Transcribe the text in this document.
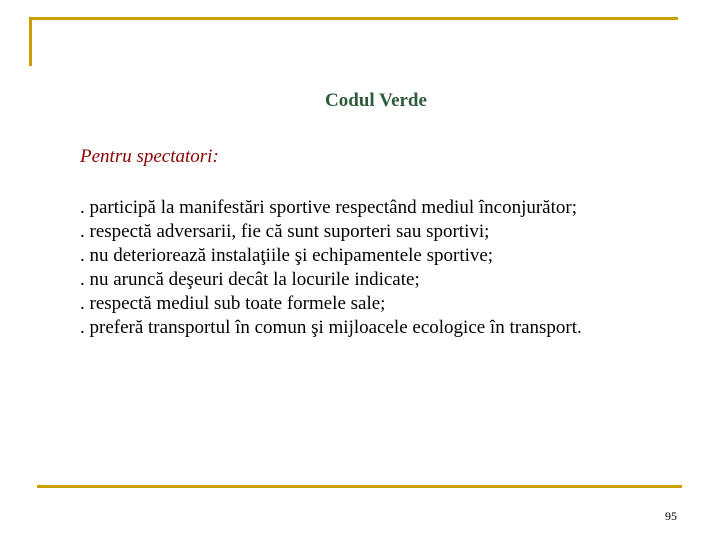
Codul Verde
Pentru spectatori:
. participă la manifestări sportive respectând mediul înconjurător;
. respectă adversarii, fie că sunt suporteri sau sportivi;
. nu deteriorează instalaţiile şi echipamentele sportive;
. nu aruncă deşeuri decât la locurile indicate;
. respectă mediul sub toate formele sale;
. preferă transportul în comun şi mijloacele ecologice în transport.
95
